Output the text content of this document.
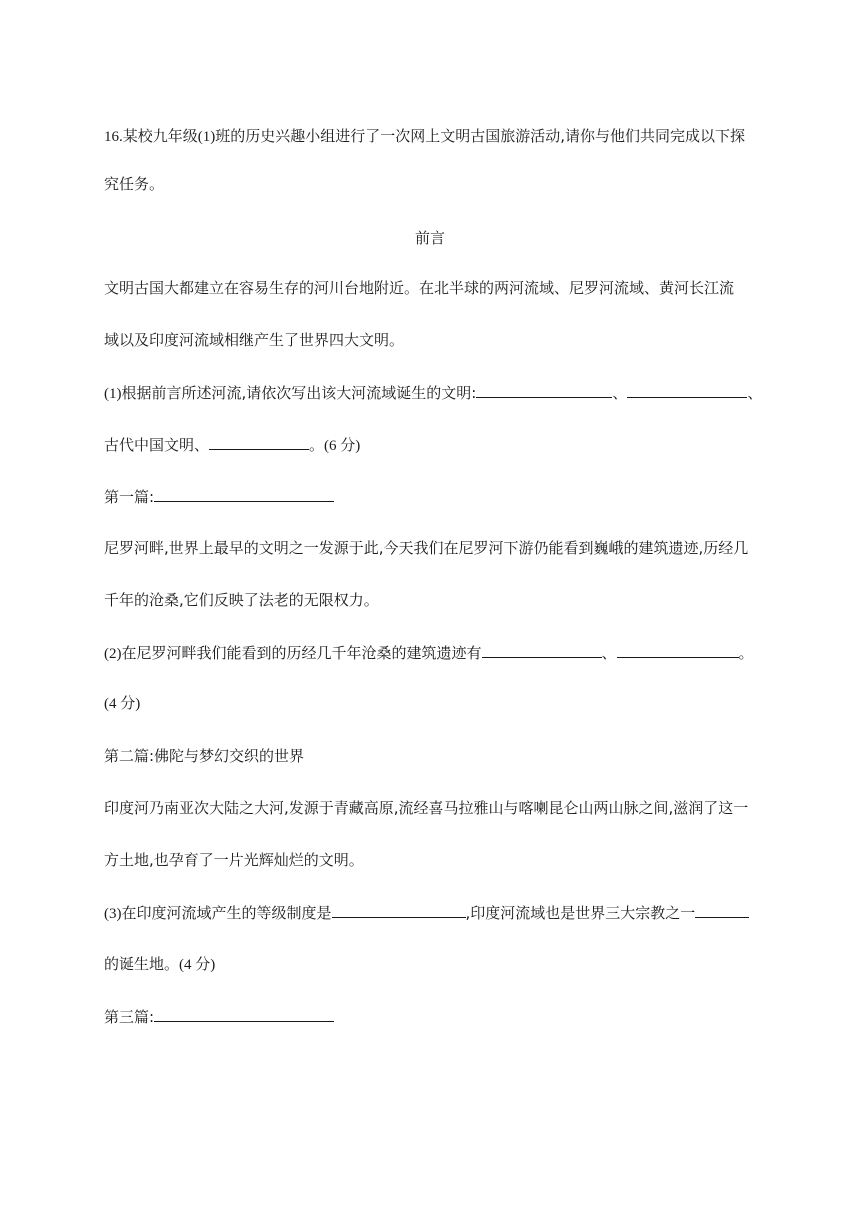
16.某校九年级(1)班的历史兴趣小组进行了一次网上文明古国旅游活动,请你与他们共同完成以下探
究任务。
前言
文明古国大都建立在容易生存的河川台地附近。在北半球的两河流域、尼罗河流域、黄河长江流
域以及印度河流域相继产生了世界四大文明。
(1)根据前言所述河流,请依次写出该大河流域诞生的文明:	、	、
古代中国文明、	。(6 分)
第一篇:
尼罗河畔,世界上最早的文明之一发源于此,今天我们在尼罗河下游仍能看到巍峨的建筑遗迹,历经几
千年的沧桑,它们反映了法老的无限权力。
(2)在尼罗河畔我们能看到的历经几千年沧桑的建筑遗迹有	、	。
(4 分)
第二篇:佛陀与梦幻交织的世界
印度河乃南亚次大陆之大河,发源于青藏高原,流经喜马拉雅山与喀喇昆仑山两山脉之间,滋润了这一
方土地,也孕育了一片光辉灿烂的文明。
(3)在印度河流域产生的等级制度是	,印度河流域也是世界三大宗教之一
的诞生地。(4 分)
第三篇:
